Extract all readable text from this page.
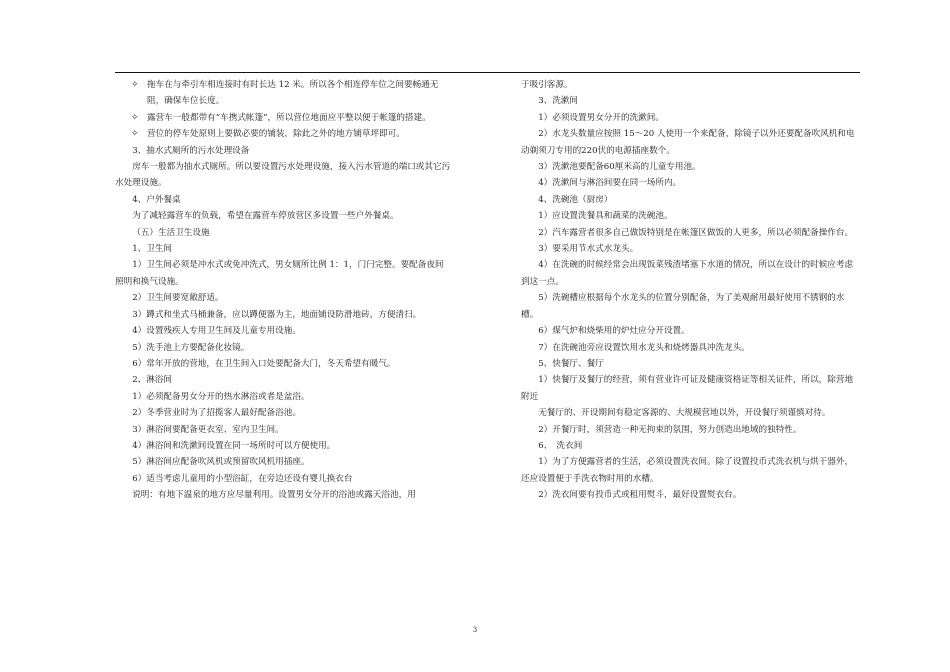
✧ 拖车在与牵引车相连接时有时长达 12 米。所以各个相连停车位之间要畅通无阻，确保车位长度。

✧ 露营车一般都带有“车携式帐篷”，所以营位地面应平整以便于帐篷的搭建。

✧ 营位的停车处原则上要做必要的铺装，除此之外的地方铺草坪即可。

3、抽水式厕所的污水处理设备

房车一般都为抽水式厕所。所以要设置污水处理设施，接入污水管道的端口或其它污水处理设施。

4、户外餐桌

为了减轻露营车的负载，希望在露营车停放营区多设置一些户外餐桌。

（五）生活卫生设施

1、卫生间

1）卫生间必须是冲水式或免冲洗式，男女厕所比例 1：1，门闩完整。要配备夜间照明和换气设施。

2）卫生间要宽敞舒适。

3）蹲式和坐式马桶兼备，应以蹲便器为主，地面铺设防滑地砖，方便清扫。

4）设置残疾人专用卫生间及儿童专用设施。

5）洗手池上方要配备化妆镜。

6）常年开放的营地，在卫生间入口处要配备大门，冬天希望有暖气。

2、淋浴间

1）必须配备男女分开的热水淋浴或者是盆浴。

2）冬季营业时为了招揽客人最好配备浴池。

3）淋浴间要配备更衣室、室内卫生间。

4）淋浴间和洗漱间设置在同一场所时可以方便使用。

5）淋浴间应配备吹风机或预留吹风机用插座。

6）适当考虑儿童用的小型浴缸，在旁边还设有婴儿换衣台

说明：有地下温泉的地方应尽量利用。设置男女分开的浴池或露天浴池，用

于吸引客源。

3、洗漱间

1）必须设置男女分开的洗漱间。

2）水龙头数量应按照 15～20 人使用一个来配备，除镜子以外还要配备吹风机和电动剃须刀专用的220伏的电源插座数个。

3）洗漱池要配备60厘米高的儿童专用池。

4）洗漱间与淋浴间要在同一场所内。

4、洗碗池（厨房）

1）应设置洗餐具和蔬菜的洗碗池。

2）汽车露营者很多自己做饭特别是在帐篷区做饭的人更多，所以必须配备操作台。

3）要采用节水式水龙头。

4）在洗碗的时候经常会出现饭菜残渣堵塞下水道的情况，所以在设计的时候应考虑到这一点。

5）洗碗槽应根据每个水龙头的位置分别配备，为了美观耐用最好使用不锈钢的水槽。

6）煤气炉和烧柴用的炉灶应分开设置。

7）在洗碗池旁应设置饮用水龙头和烧烤器具冲洗龙头。

5、快餐厅、餐厅

1）快餐厅及餐厅的经营，须有营业许可证及健康资格证等相关证件，所以，除营地附近

无餐厅的、开设期间有稳定客源的、大规模营地以外，开设餐厅须谨慎对待。

2）开餐厅时，须营造一种无拘束的氛围，努力创造出地域的独特性。

6、　洗衣间

1）为了方便露营者的生活，必须设置洗衣间。除了设置投币式洗衣机与烘干器外，还应设置便于手洗衣物时用的水槽。

2）洗衣间要有投币式或租用熨斗，最好设置熨衣台。

3
